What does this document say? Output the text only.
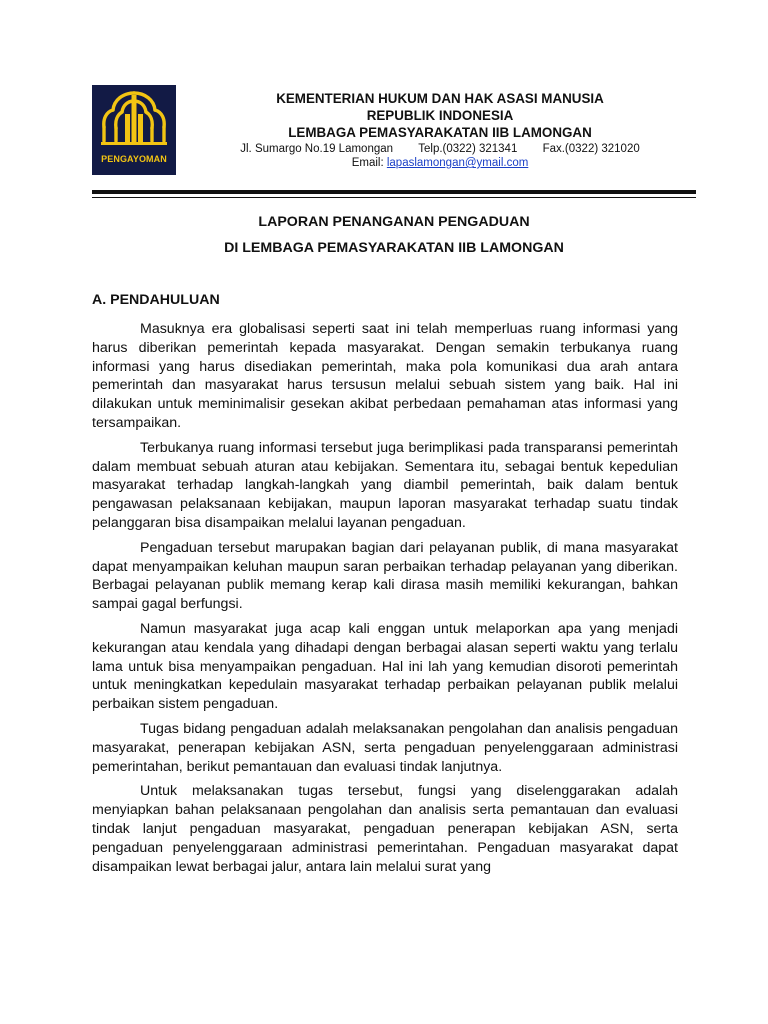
PENGAYOMAN
KEMENTERIAN HUKUM DAN HAK ASASI MANUSIA
REPUBLIK INDONESIA
LEMBAGA PEMASYARAKATAN IIB LAMONGAN
Jl. Sumargo No.19 Lamongan Telp.(0322) 321341 Fax.(0322) 321020
Email: lapaslamongan@ymail.com
LAPORAN PENANGANAN PENGADUAN
DI LEMBAGA PEMASYARAKATAN IIB LAMONGAN
A. PENDAHULUAN

Masuknya era globalisasi seperti saat ini telah memperluas ruang informasi yang harus diberikan pemerintah kepada masyarakat. Dengan semakin terbukanya ruang informasi yang harus disediakan pemerintah, maka pola komunikasi dua arah antara pemerintah dan masyarakat harus tersusun melalui sebuah sistem yang baik. Hal ini dilakukan untuk meminimalisir gesekan akibat perbedaan pemahaman atas informasi yang tersampaikan.

Terbukanya ruang informasi tersebut juga berimplikasi pada transparansi pemerintah dalam membuat sebuah aturan atau kebijakan. Sementara itu, sebagai bentuk kepedulian masyarakat terhadap langkah-langkah yang diambil pemerintah, baik dalam bentuk pengawasan pelaksanaan kebijakan, maupun laporan masyarakat terhadap suatu tindak pelanggaran bisa disampaikan melalui layanan pengaduan.

Pengaduan tersebut marupakan bagian dari pelayanan publik, di mana masyarakat dapat menyampaikan keluhan maupun saran perbaikan terhadap pelayanan yang diberikan. Berbagai pelayanan publik memang kerap kali dirasa masih memiliki kekurangan, bahkan sampai gagal berfungsi.

Namun masyarakat juga acap kali enggan untuk melaporkan apa yang menjadi kekurangan atau kendala yang dihadapi dengan berbagai alasan seperti waktu yang terlalu lama untuk bisa menyampaikan pengaduan. Hal ini lah yang kemudian disoroti pemerintah untuk meningkatkan kepedulain masyarakat terhadap perbaikan pelayanan publik melalui perbaikan sistem pengaduan.

Tugas bidang pengaduan adalah melaksanakan pengolahan dan analisis pengaduan masyarakat, penerapan kebijakan ASN, serta pengaduan penyelenggaraan administrasi pemerintahan, berikut pemantauan dan evaluasi tindak lanjutnya.

Untuk melaksanakan tugas tersebut, fungsi yang diselenggarakan adalah menyiapkan bahan pelaksanaan pengolahan dan analisis serta pemantauan dan evaluasi tindak lanjut pengaduan masyarakat, pengaduan penerapan kebijakan ASN, serta pengaduan penyelenggaraan administrasi pemerintahan. Pengaduan masyarakat dapat disampaikan lewat berbagai jalur, antara lain melalui surat yang
